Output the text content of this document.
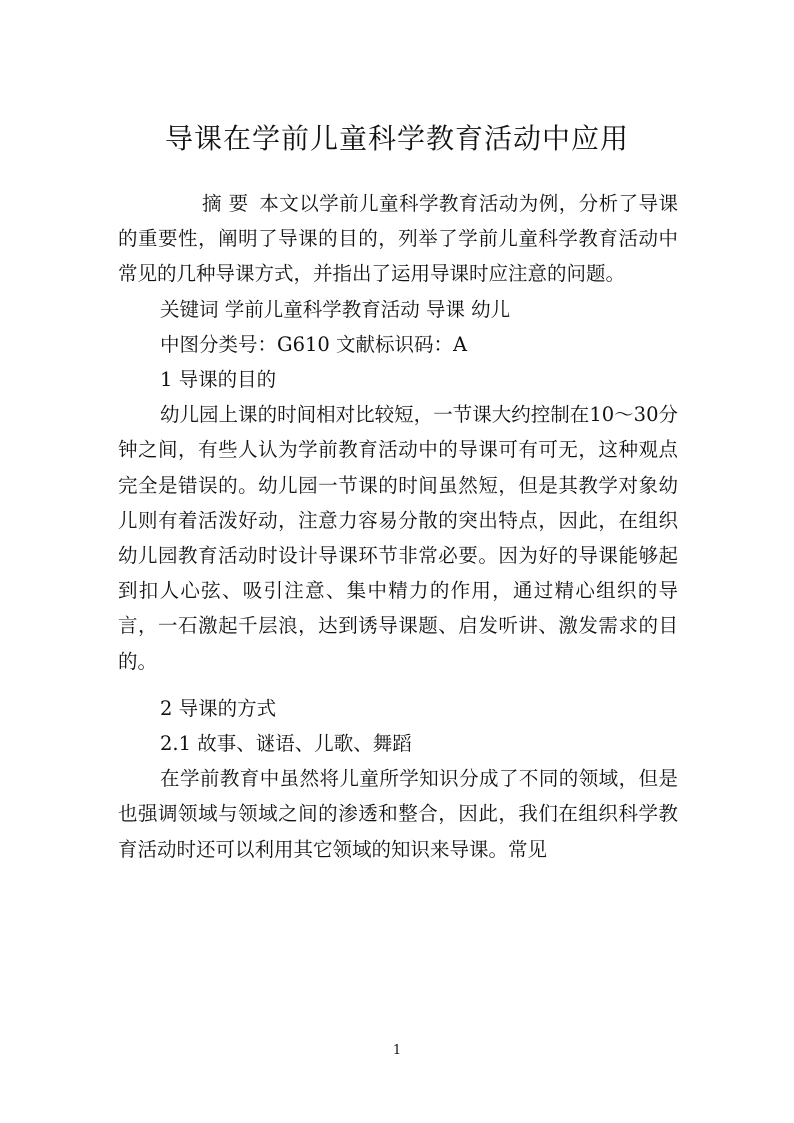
导课在学前儿童科学教育活动中应用

摘 要 本文以学前儿童科学教育活动为例，分析了导课的重要性，阐明了导课的目的，列举了学前儿童科学教育活动中常见的几种导课方式，并指出了运用导课时应注意的问题。

关键词 学前儿童科学教育活动 导课 幼儿

中图分类号：G610 文献标识码：A

1 导课的目的

幼儿园上课的时间相对比较短，一节课大约控制在10～30分钟之间，有些人认为学前教育活动中的导课可有可无，这种观点完全是错误的。幼儿园一节课的时间虽然短，但是其教学对象幼儿则有着活泼好动，注意力容易分散的突出特点，因此，在组织幼儿园教育活动时设计导课环节非常必要。因为好的导课能够起到扣人心弦、吸引注意、集中精力的作用，通过精心组织的导言，一石激起千层浪，达到诱导课题、启发听讲、激发需求的目的。

2 导课的方式

2.1 故事、谜语、儿歌、舞蹈

在学前教育中虽然将儿童所学知识分成了不同的领域，但是也强调领域与领域之间的渗透和整合，因此，我们在组织科学教育活动时还可以利用其它领域的知识来导课。常见

1
